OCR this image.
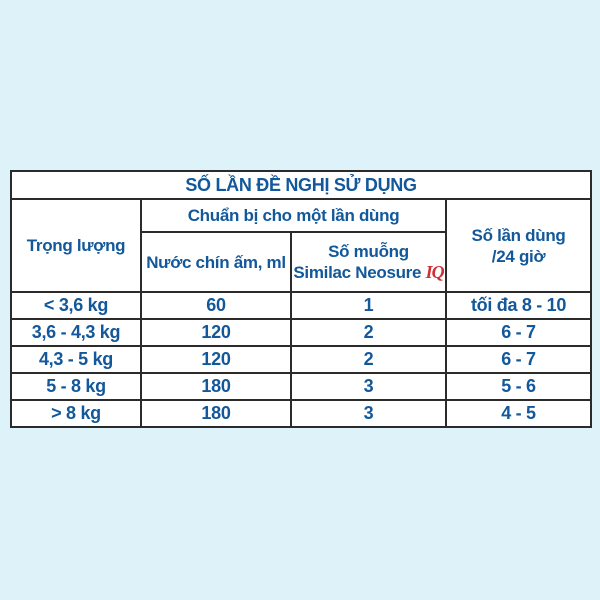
SỐ LẦN ĐỀ NGHỊ SỬ DỤNG			
Trọng lượng	Chuẩn bị cho một lần dùng		Số lần dùng
/24 giờ
	Nước chín ấm, ml	Số muỗng
Similac Neosure IQ	
< 3,6 kg	60	1	tối đa 8 - 10
3,6 - 4,3 kg	120	2	6 - 7
4,3 - 5 kg	120	2	6 - 7
5 - 8 kg	180	3	5 - 6
> 8 kg	180	3	4 - 5
